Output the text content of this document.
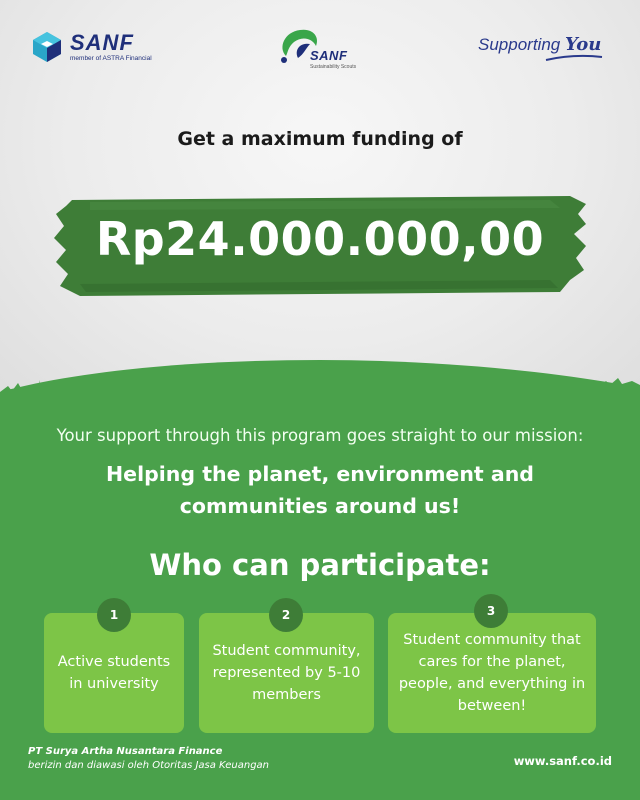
SANF
member of ASTRA Financial	SANF
Sustainability Scouts
Supporting You
Get a maximum funding of
Rp24.000.000,00
Your support through this program goes straight to our mission:
Helping the planet, environment and communities around us!
Who can participate:
Active students in university
1
Student community, represented by 5-10 members
2
Student community that cares for the planet, people, and everything in between!
3
PT Surya Artha Nusantara Finance
berizin dan diawasi oleh Otoritas Jasa Keuangan	www.sanf.co.id
